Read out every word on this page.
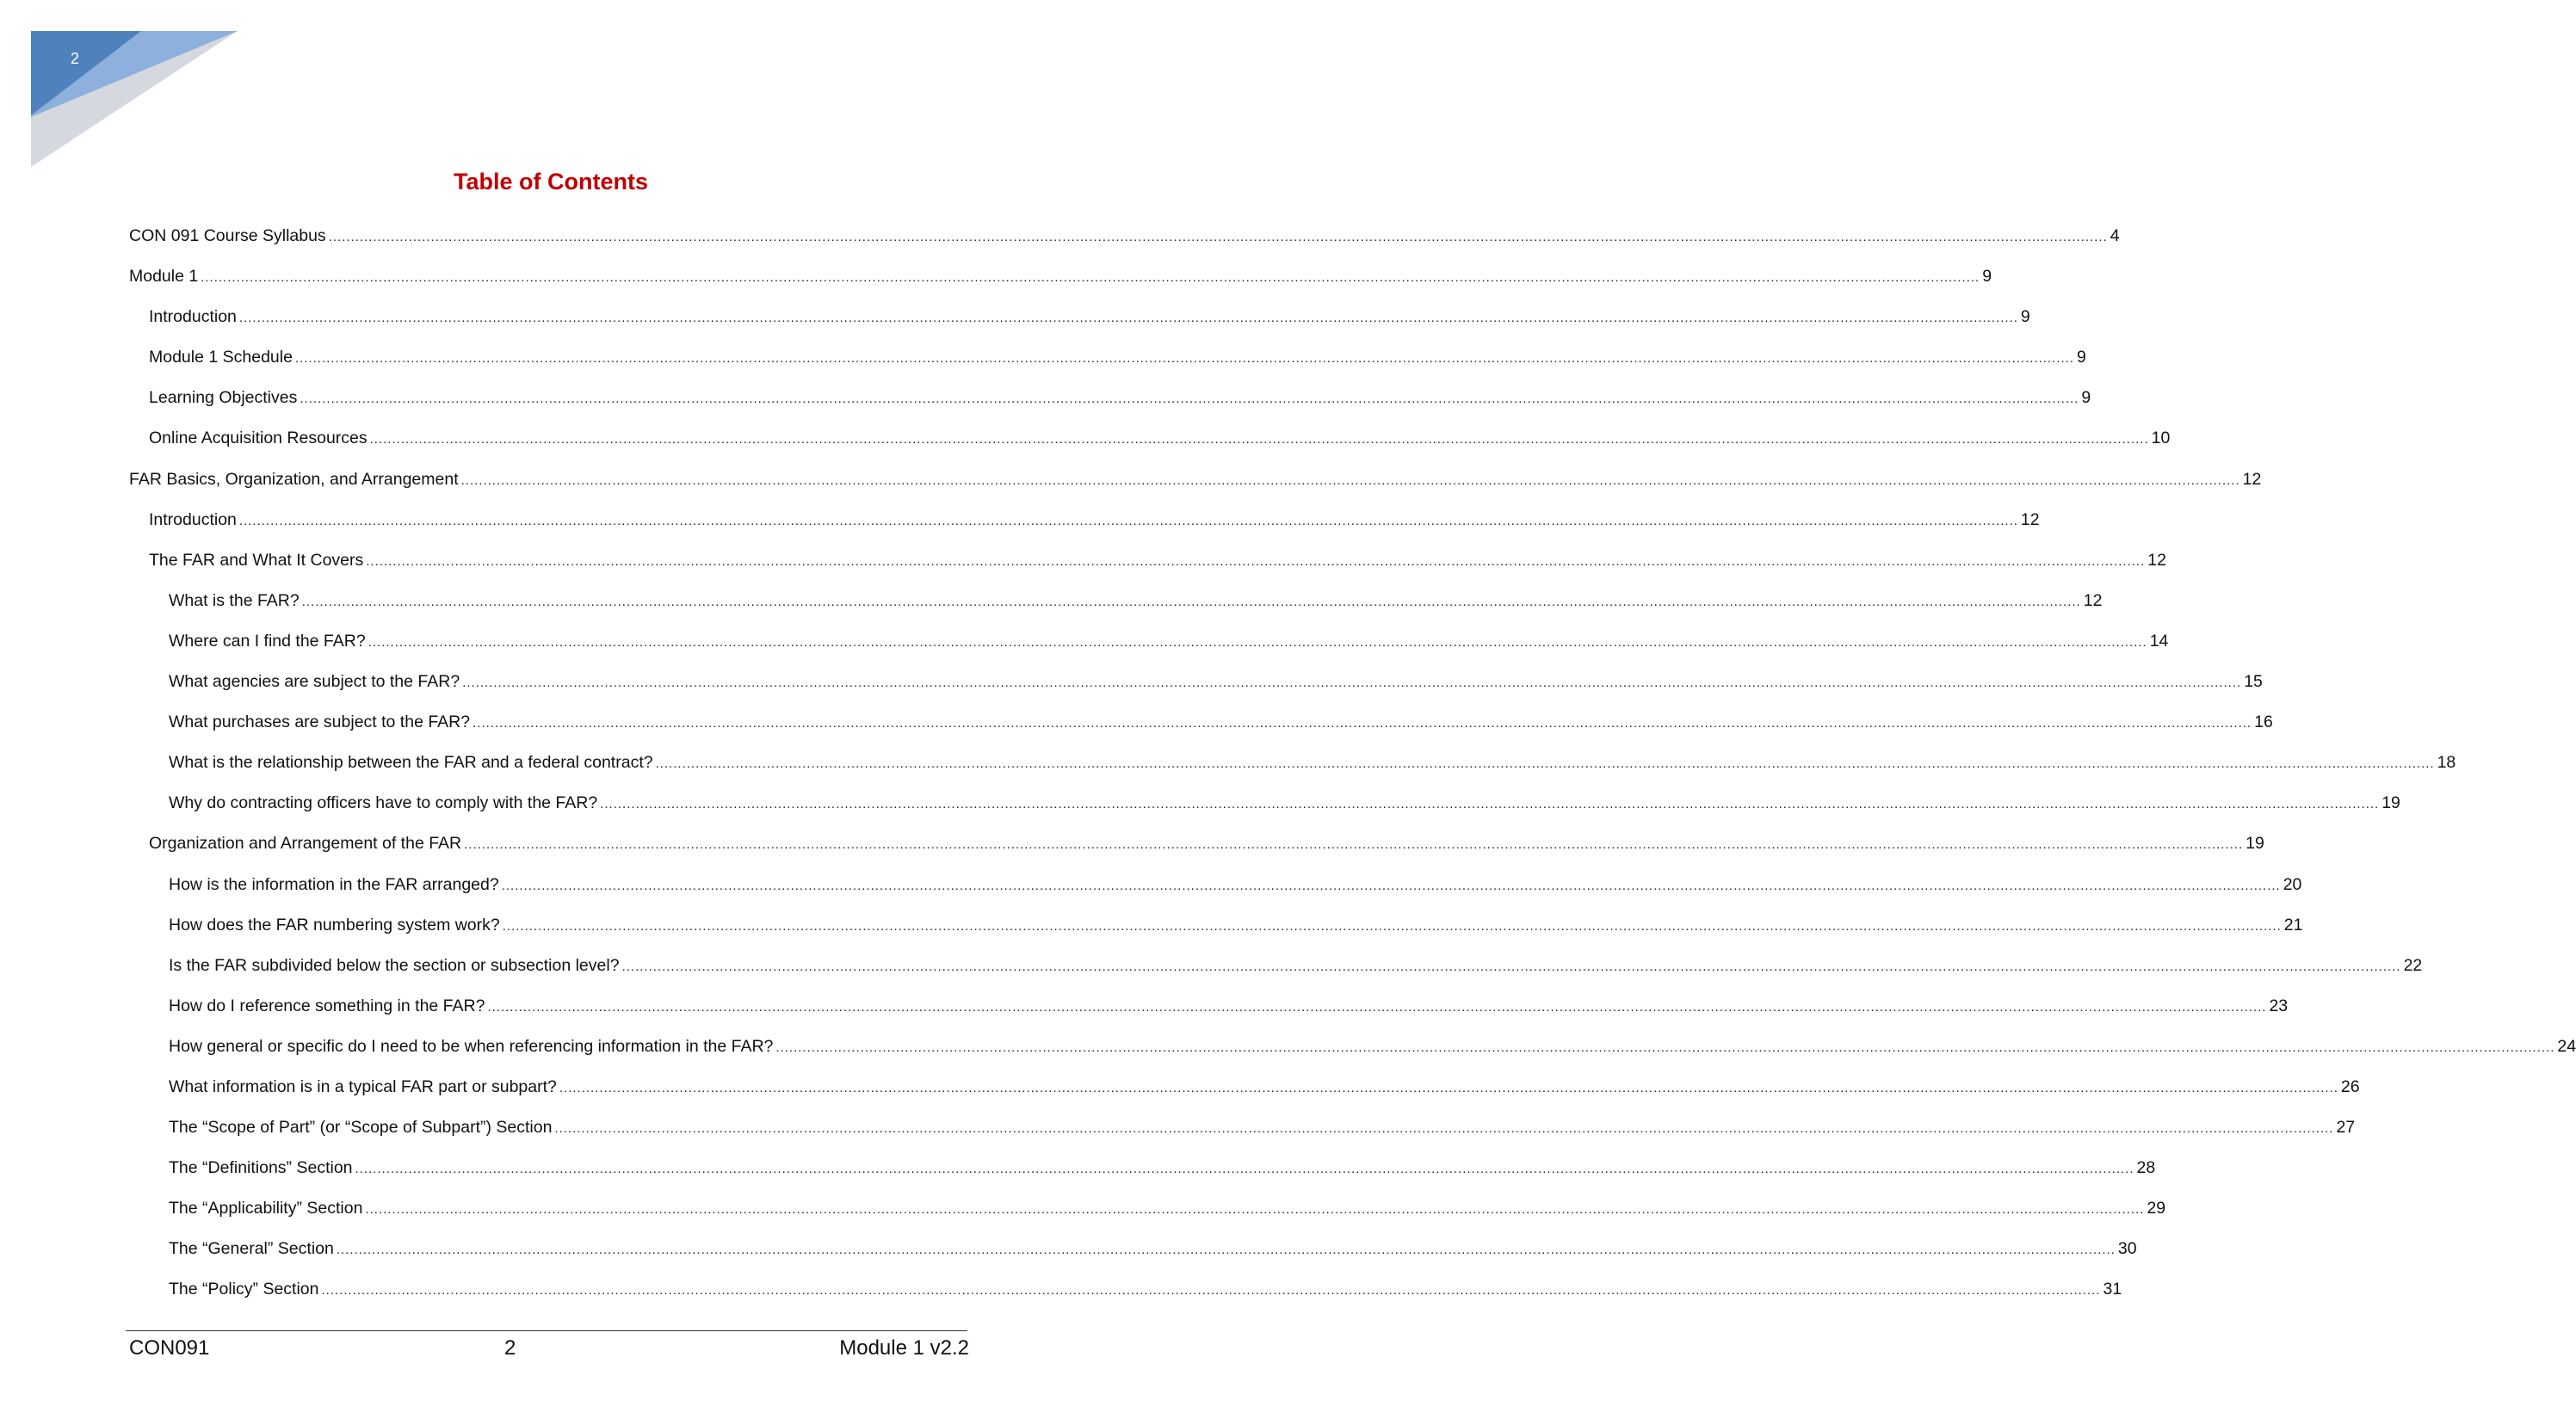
2
Table of Contents
CON 091 Course Syllabus ................................................................................................................................................................................................................................................................................................................................................................................................................ 4
Module 1 ................................................................................................................................................................................................................................................................................................................................................................................................................ 9
Introduction ................................................................................................................................................................................................................................................................................................................................................................................................................ 9
Module 1 Schedule ................................................................................................................................................................................................................................................................................................................................................................................................................ 9
Learning Objectives ................................................................................................................................................................................................................................................................................................................................................................................................................ 9
Online Acquisition Resources ................................................................................................................................................................................................................................................................................................................................................................................................................ 10
FAR Basics, Organization, and Arrangement ................................................................................................................................................................................................................................................................................................................................................................................................................ 12
Introduction ................................................................................................................................................................................................................................................................................................................................................................................................................ 12
The FAR and What It Covers ................................................................................................................................................................................................................................................................................................................................................................................................................ 12
What is the FAR? ................................................................................................................................................................................................................................................................................................................................................................................................................ 12
Where can I find the FAR? ................................................................................................................................................................................................................................................................................................................................................................................................................ 14
What agencies are subject to the FAR? ................................................................................................................................................................................................................................................................................................................................................................................................................ 15
What purchases are subject to the FAR? ................................................................................................................................................................................................................................................................................................................................................................................................................ 16
What is the relationship between the FAR and a federal contract? ................................................................................................................................................................................................................................................................................................................................................................................................................ 18
Why do contracting officers have to comply with the FAR? ................................................................................................................................................................................................................................................................................................................................................................................................................ 19
Organization and Arrangement of the FAR ................................................................................................................................................................................................................................................................................................................................................................................................................ 19
How is the information in the FAR arranged? ................................................................................................................................................................................................................................................................................................................................................................................................................ 20
How does the FAR numbering system work? ................................................................................................................................................................................................................................................................................................................................................................................................................ 21
Is the FAR subdivided below the section or subsection level? ................................................................................................................................................................................................................................................................................................................................................................................................................ 22
How do I reference something in the FAR? ................................................................................................................................................................................................................................................................................................................................................................................................................ 23
How general or specific do I need to be when referencing information in the FAR? ................................................................................................................................................................................................................................................................................................................................................................................................................ 24
What information is in a typical FAR part or subpart? ................................................................................................................................................................................................................................................................................................................................................................................................................ 26
The “Scope of Part” (or “Scope of Subpart”) Section ................................................................................................................................................................................................................................................................................................................................................................................................................ 27
The “Definitions” Section ................................................................................................................................................................................................................................................................................................................................................................................................................ 28
The “Applicability” Section ................................................................................................................................................................................................................................................................................................................................................................................................................ 29
The “General” Section ................................................................................................................................................................................................................................................................................................................................................................................................................ 30
The “Policy” Section ................................................................................................................................................................................................................................................................................................................................................................................................................ 31
CON091	2	Module 1 v2.2
